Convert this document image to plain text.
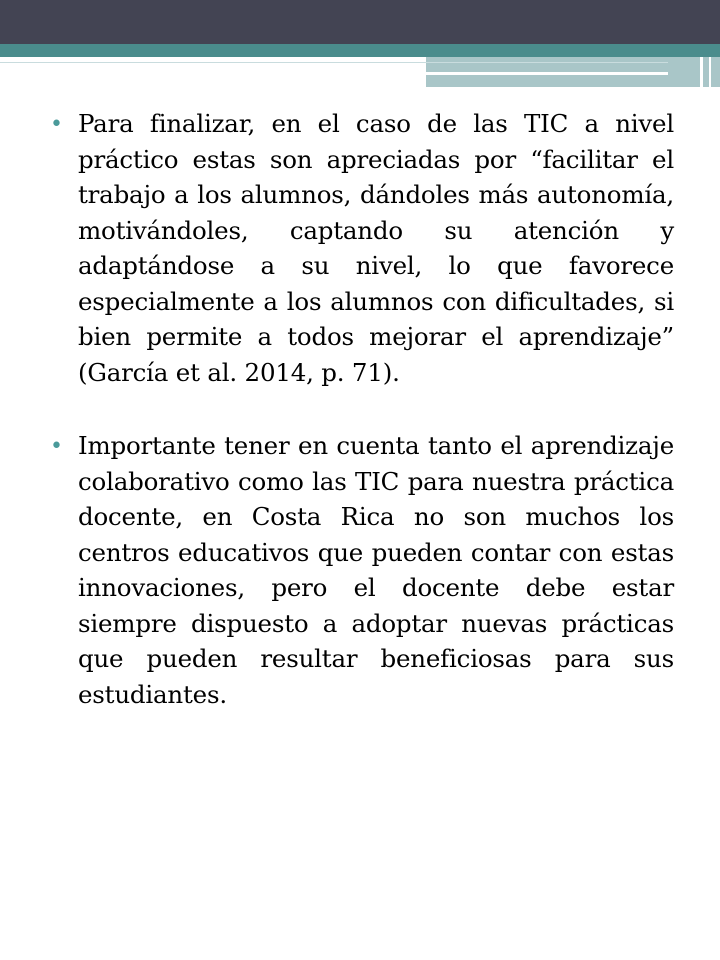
• Para finalizar, en el caso de las TIC a nivel práctico estas son apreciadas por “facilitar el trabajo a los alumnos, dándoles más autonomía, motivándoles, captando su atención y adaptándose a su nivel, lo que favorece especialmente a los alumnos con dificultades, si bien permite a todos mejorar el aprendizaje” (García et al. 2014, p. 71).

• Importante tener en cuenta tanto el aprendizaje colaborativo como las TIC para nuestra práctica docente, en Costa Rica no son muchos los centros educativos que pueden contar con estas innovaciones, pero el docente debe estar siempre dispuesto a adoptar nuevas prácticas que pueden resultar beneficiosas para sus estudiantes.
